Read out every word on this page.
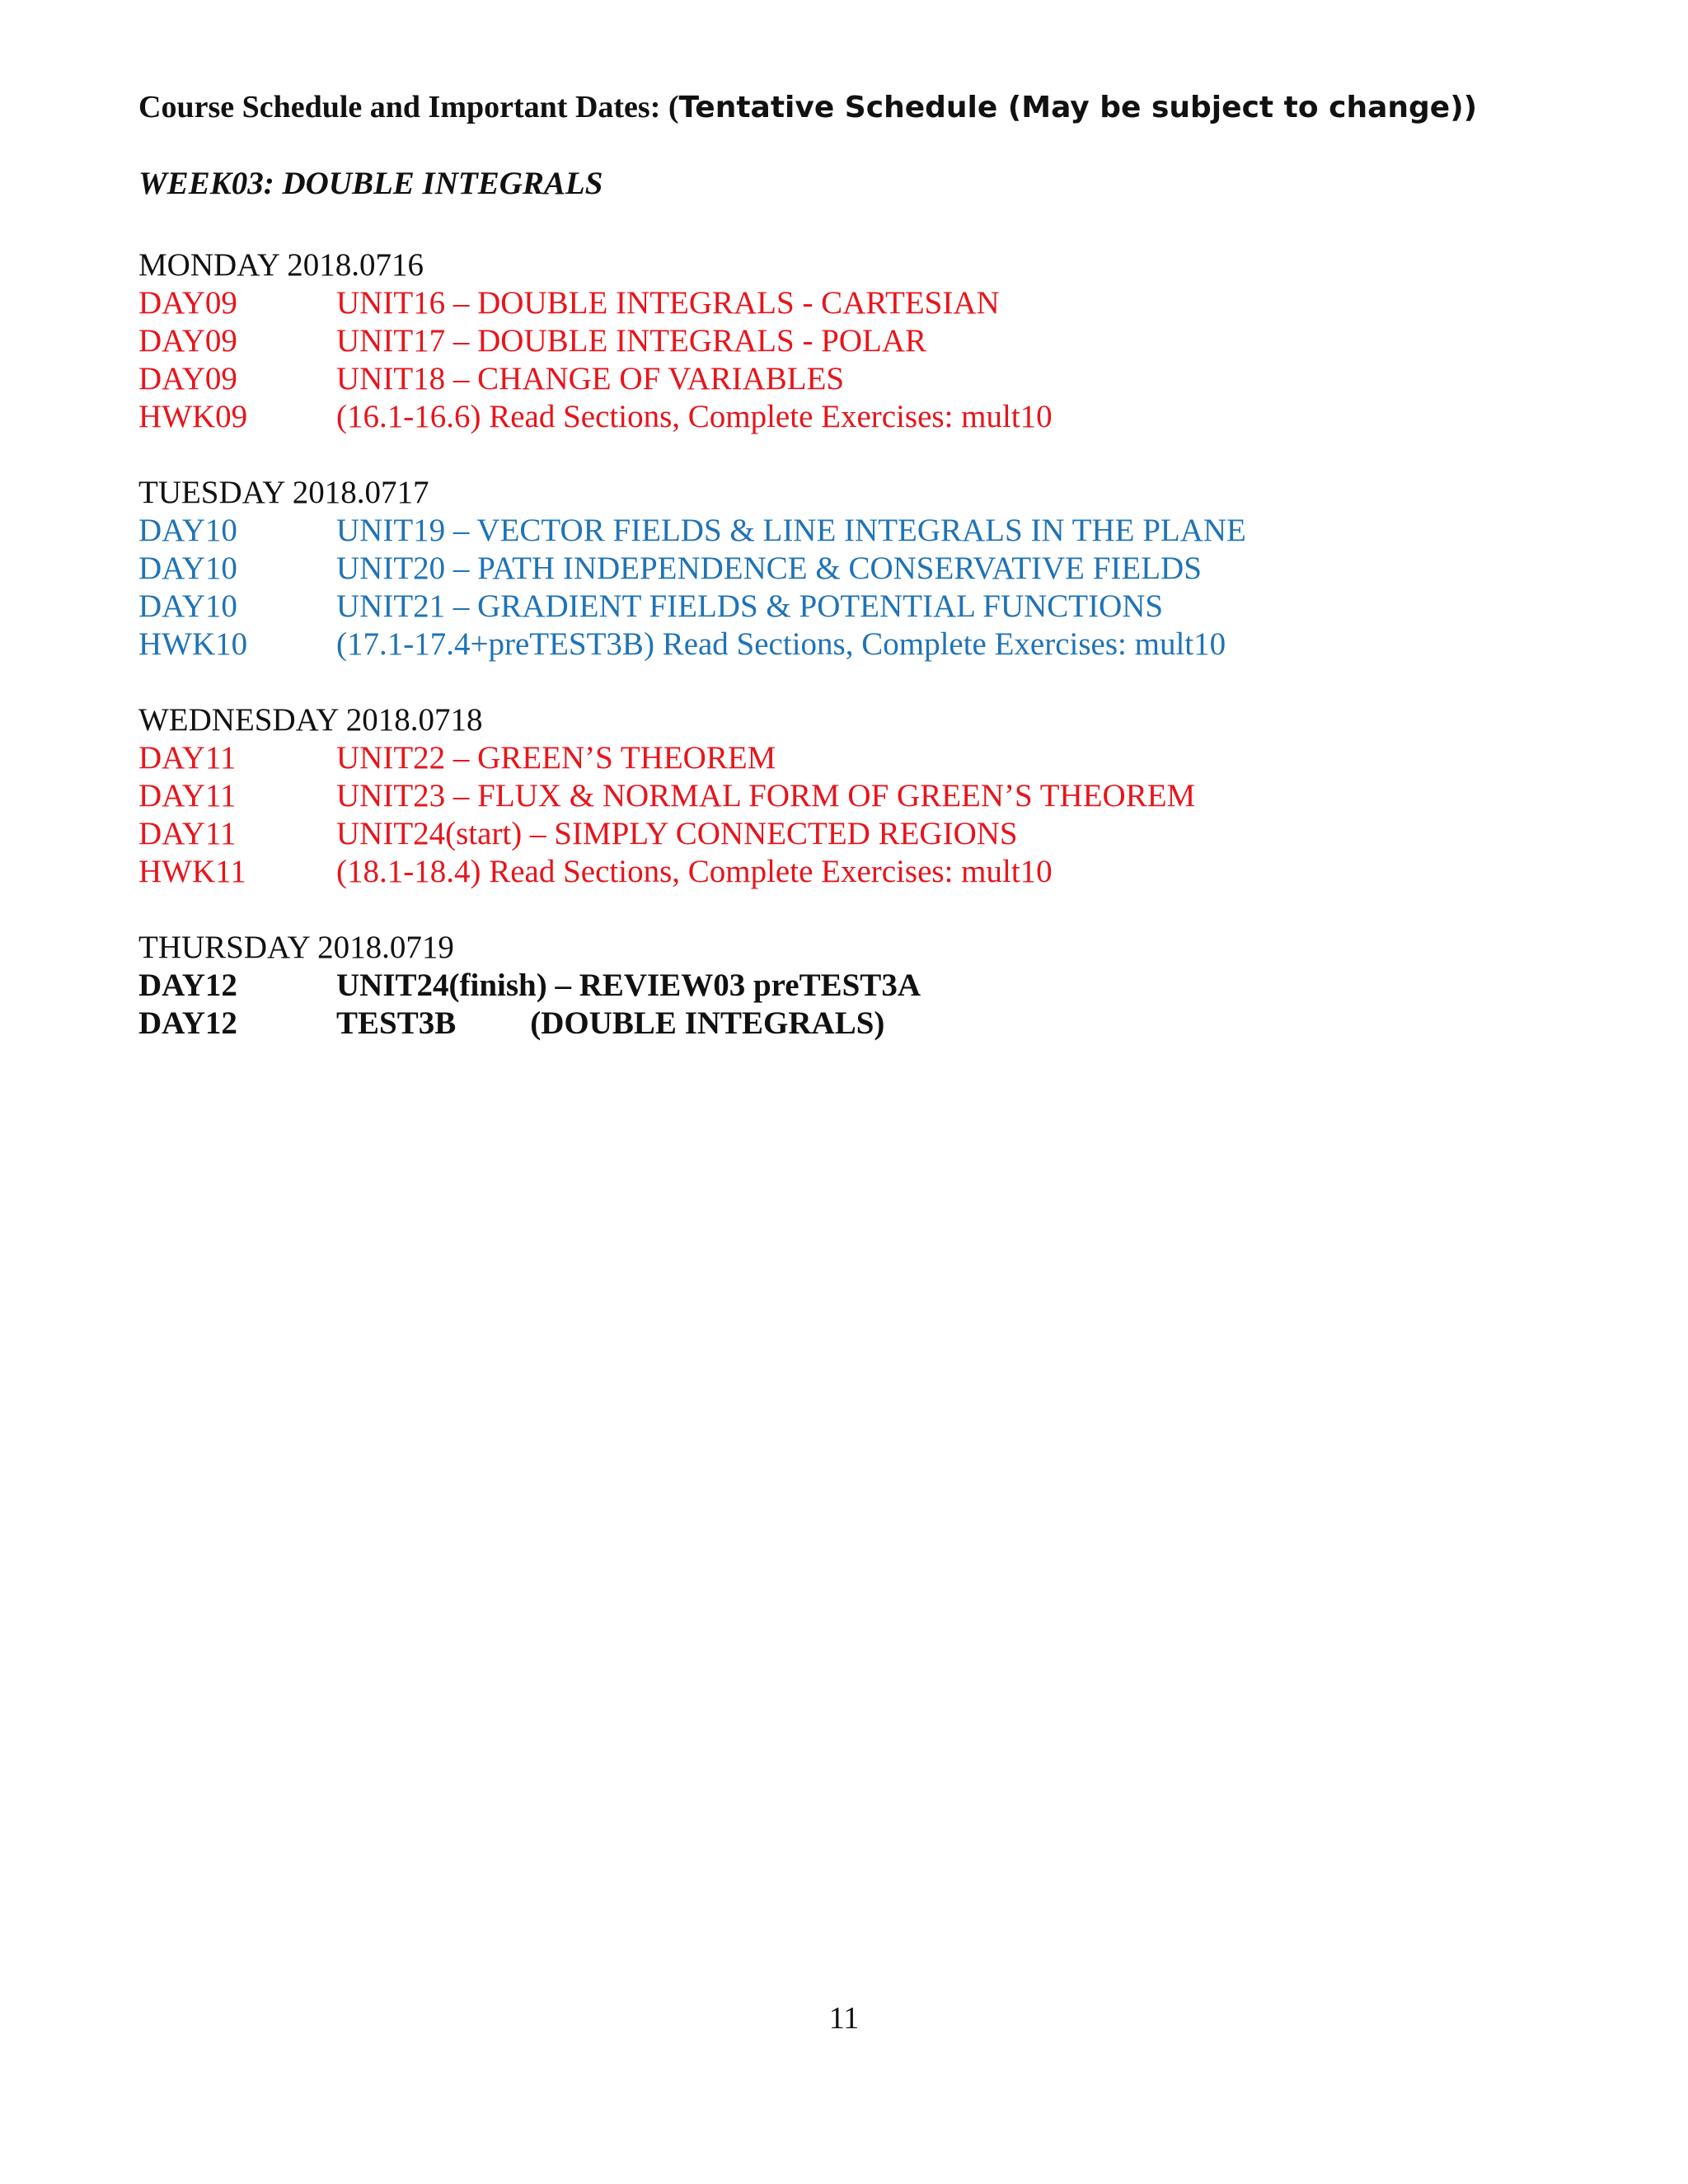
Course Schedule and Important Dates: (Tentative Schedule (May be subject to change))
WEEK03: DOUBLE INTEGRALS
MONDAY 2018.0716
DAY09	UNIT16 – DOUBLE INTEGRALS - CARTESIAN
DAY09	UNIT17 – DOUBLE INTEGRALS - POLAR
DAY09	UNIT18 – CHANGE OF VARIABLES
HWK09	(16.1-16.6) Read Sections, Complete Exercises: mult10
TUESDAY 2018.0717
DAY10	UNIT19 – VECTOR FIELDS & LINE INTEGRALS IN THE PLANE
DAY10	UNIT20 – PATH INDEPENDENCE & CONSERVATIVE FIELDS
DAY10	UNIT21 – GRADIENT FIELDS & POTENTIAL FUNCTIONS
HWK10	(17.1-17.4+preTEST3B) Read Sections, Complete Exercises: mult10
WEDNESDAY 2018.0718
DAY11	UNIT22 – GREEN’S THEOREM
DAY11	UNIT23 – FLUX & NORMAL FORM OF GREEN’S THEOREM
DAY11	UNIT24(start) – SIMPLY CONNECTED REGIONS
HWK11	(18.1-18.4) Read Sections, Complete Exercises: mult10
THURSDAY 2018.0719
DAY12	UNIT24(finish) – REVIEW03 preTEST3A
DAY12	TEST3B (DOUBLE INTEGRALS)
11
